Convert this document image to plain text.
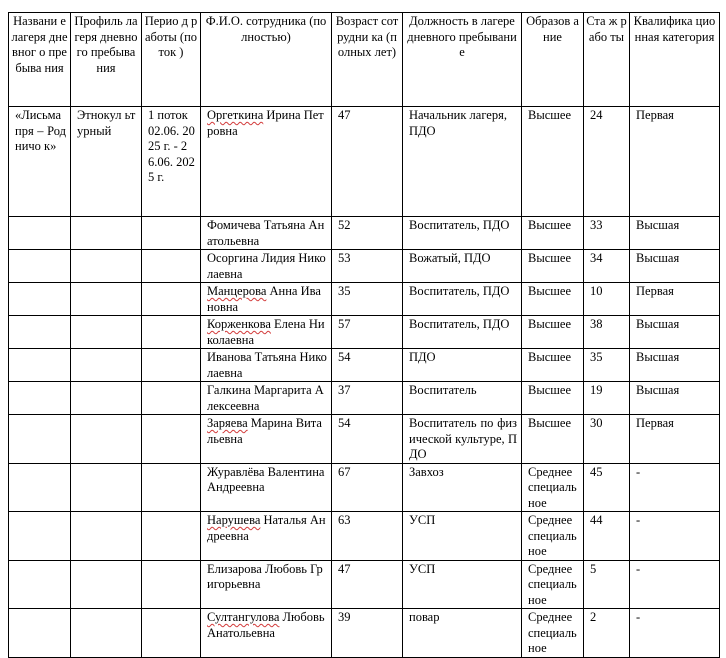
Названи е лагеря дневног о пребыва ния	Профиль лагеря дневного пребыва ния	Перио д работы (поток )	Ф.И.О. сотрудника (полностью)	Возраст сотрудни ка (полных лет)	Должность в лагере дневного пребывание	Образов ание	Ста ж рабо ты	Квалифика ционная категория
«Лисьма пря – Родничо к»	Этнокул ьтурный	1 поток 02.06. 2025 г. - 26.06. 2025 г.	Оргеткина Ирина Петровна	47	Начальник лагеря, ПДО	Высшее	24	Первая
			Фомичева Татьяна Анатольевна	52	Воспитатель, ПДО	Высшее	33	Высшая
			Осоргина Лидия Николаевна	53	Вожатый, ПДО	Высшее	34	Высшая
			Манцерова Анна Ивановна	35	Воспитатель, ПДО	Высшее	10	Первая
			Корженкова Елена Николаевна	57	Воспитатель, ПДО	Высшее	38	Высшая
			Иванова Татьяна Николаевна	54	ПДО	Высшее	35	Высшая
			Галкина Маргарита Алексеевна	37	Воспитатель	Высшее	19	Высшая
			Заряева Марина Витальевна	54	Воспитатель по физической культуре, ПДО	Высшее	30	Первая
			Журавлёва Валентина Андреевна	67	Завхоз	Среднее специаль ное	45	-
			Нарушева Наталья Андреевна	63	УСП	Среднее специаль ное	44	-
			Елизарова Любовь Григорьевна	47	УСП	Среднее специаль ное	5	-
			Султангулова Любовь Анатольевна	39	повар	Среднее специаль ное	2	-
